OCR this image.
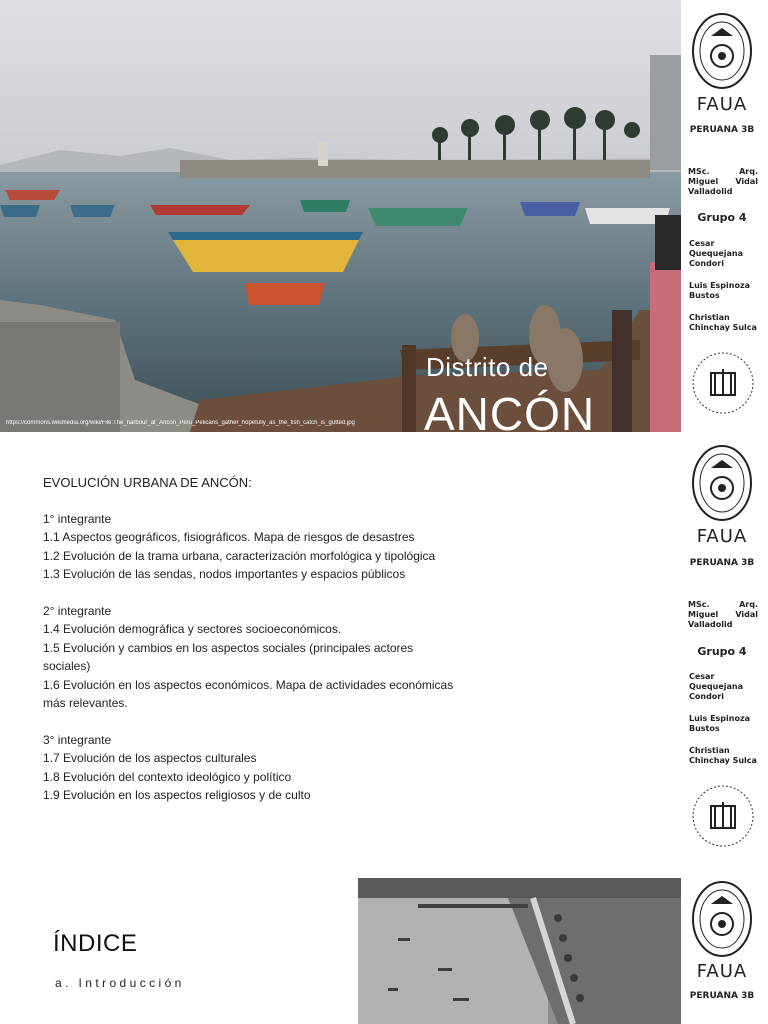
Distrito de
ANCÓN
https://commons.wikimedia.org/wiki/File:The_harbour_at_Ancon_Peru_Pelicans_gather_hopefully_as_the_fish_catch_is_gutted.jpg
FAUA
PERUANA 3B
MSc. Arq. Miguel Vidal Valladolid
Grupo 4
Cesar Quequejana Condori
Luis Espinoza Bustos
Christian Chinchay Sulca
EVOLUCIÓN URBANA DE ANCÓN:

1° integrante

1.1 Aspectos geográficos, fisiográficos. Mapa de riesgos de desastres

1.2 Evolución de la trama urbana, caracterización morfológica y tipológica

1.3 Evolución de las sendas, nodos importantes y espacios públicos

2° integrante

1.4 Evolución demográfica y sectores socioeconómicos.

1.5 Evolución y cambios en los aspectos sociales (principales actores sociales)

1.6 Evolución en los aspectos económicos. Mapa de actividades económicas más relevantes.

3° integrante

1.7 Evolución de los aspectos culturales

1.8 Evolución del contexto ideológico y político

1.9 Evolución en los aspectos religiosos y de culto

FAUA
PERUANA 3B
MSc. Arq. Miguel Vidal Valladolid
Grupo 4
Cesar Quequejana Condori
Luis Espinoza Bustos
Christian Chinchay Sulca
ÍNDICE
a. Introducción
FAUA
PERUANA 3B
